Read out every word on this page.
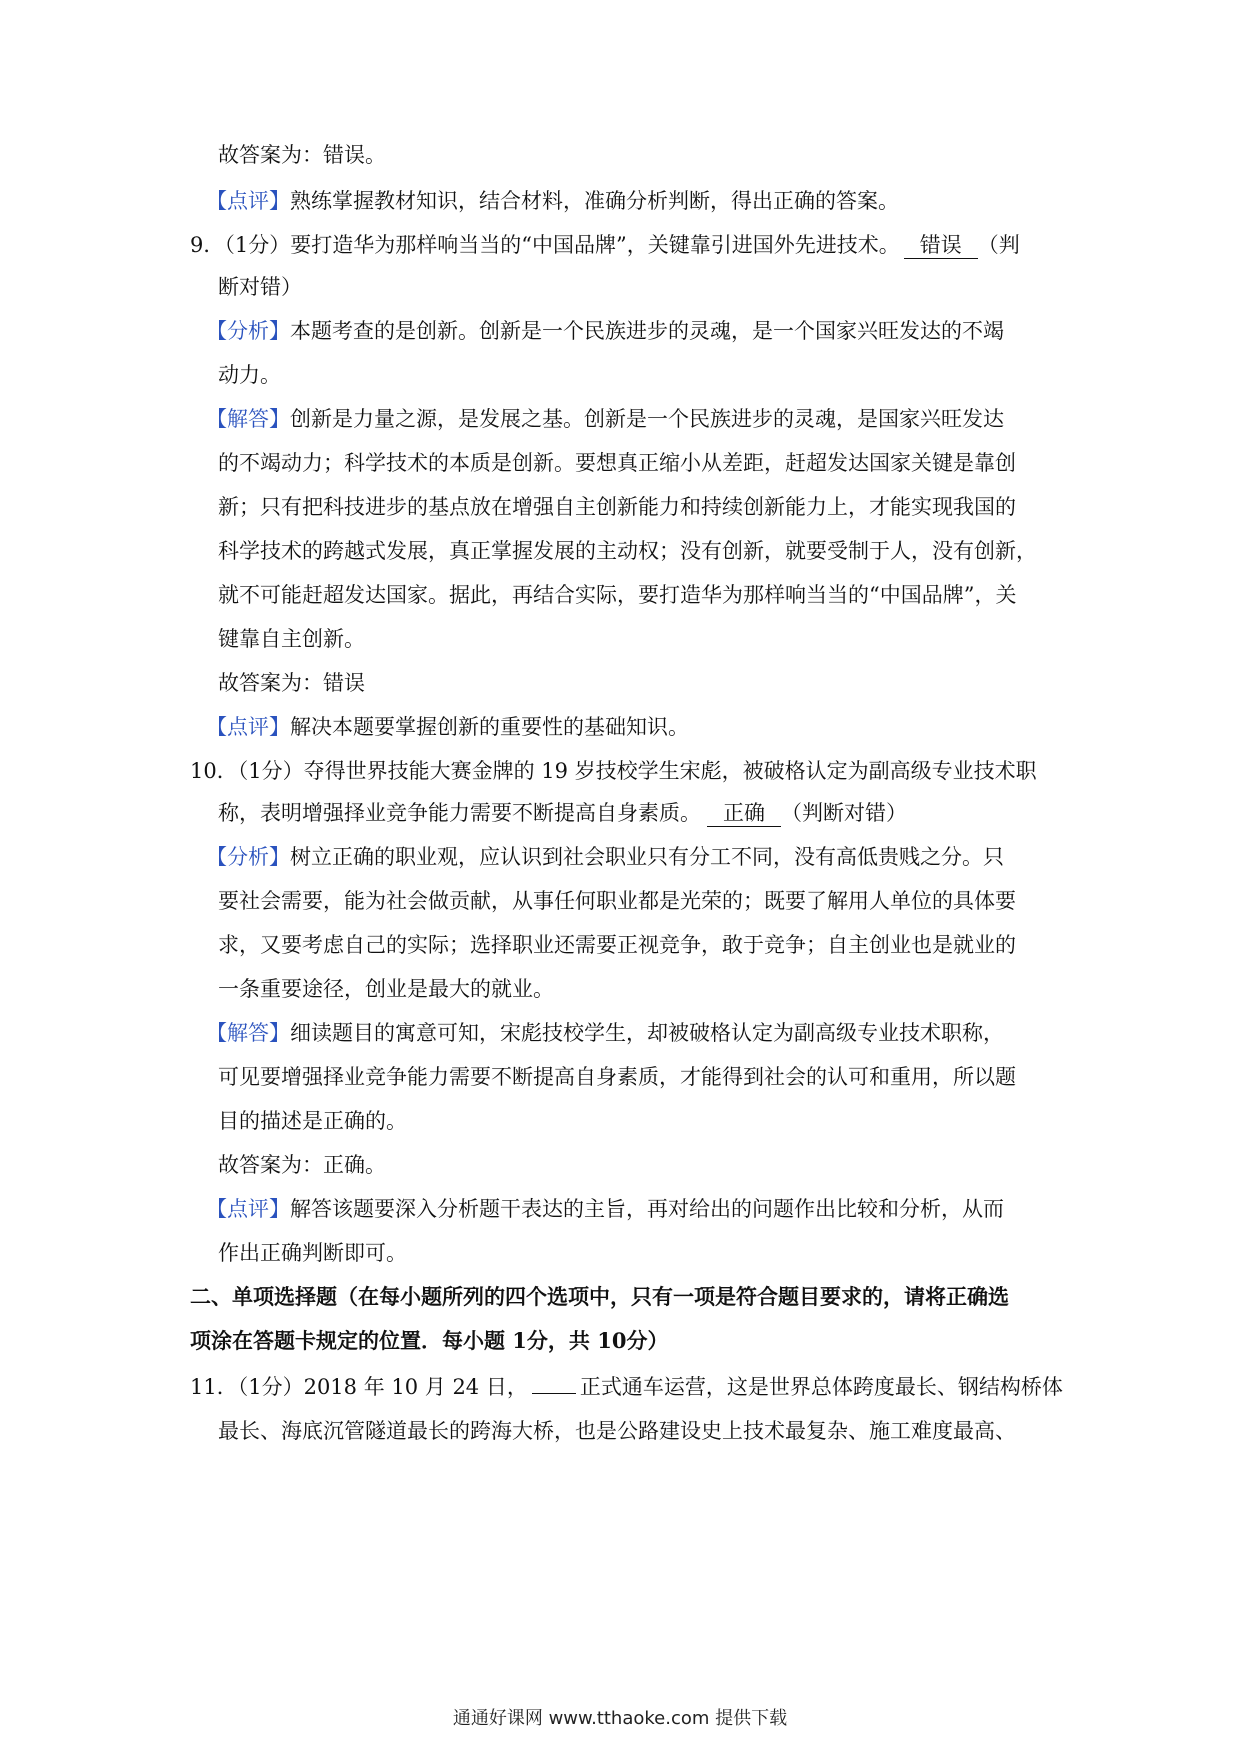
故答案为：错误。
【点评】熟练掌握教材知识，结合材料，准确分析判断，得出正确的答案。
9．（1分）要打造华为那样响当当的“中国品牌”，关键靠引进国外先进技术。 错误 （判
断对错）
【分析】本题考查的是创新。创新是一个民族进步的灵魂，是一个国家兴旺发达的不竭
动力。
【解答】创新是力量之源，是发展之基。创新是一个民族进步的灵魂，是国家兴旺发达
的不竭动力；科学技术的本质是创新。要想真正缩小从差距，赶超发达国家关键是靠创
新；只有把科技进步的基点放在增强自主创新能力和持续创新能力上，才能实现我国的
科学技术的跨越式发展，真正掌握发展的主动权；没有创新，就要受制于人，没有创新，
就不可能赶超发达国家。据此，再结合实际，要打造华为那样响当当的“中国品牌”，关
键靠自主创新。
故答案为：错误
【点评】解决本题要掌握创新的重要性的基础知识。
10．（1分）夺得世界技能大赛金牌的 19 岁技校学生宋彪，被破格认定为副高级专业技术职
称，表明增强择业竞争能力需要不断提高自身素质。 正确 （判断对错）
【分析】树立正确的职业观，应认识到社会职业只有分工不同，没有高低贵贱之分。只
要社会需要，能为社会做贡献，从事任何职业都是光荣的；既要了解用人单位的具体要
求，又要考虑自己的实际；选择职业还需要正视竞争，敢于竞争；自主创业也是就业的
一条重要途径，创业是最大的就业。
【解答】细读题目的寓意可知，宋彪技校学生，却被破格认定为副高级专业技术职称，
可见要增强择业竞争能力需要不断提高自身素质，才能得到社会的认可和重用，所以题
目的描述是正确的。
故答案为：正确。
【点评】解答该题要深入分析题干表达的主旨，再对给出的问题作出比较和分析，从而
作出正确判断即可。
二、单项选择题（在每小题所列的四个选项中，只有一项是符合题目要求的，请将正确选
项涂在答题卡规定的位置．每小题 1分，共 10分）
11．（1分）2018 年 10 月 24 日， 正式通车运营，这是世界总体跨度最长、钢结构桥体
最长、海底沉管隧道最长的跨海大桥，也是公路建设史上技术最复杂、施工难度最高、
通通好课网 www.tthaoke.com 提供下载
